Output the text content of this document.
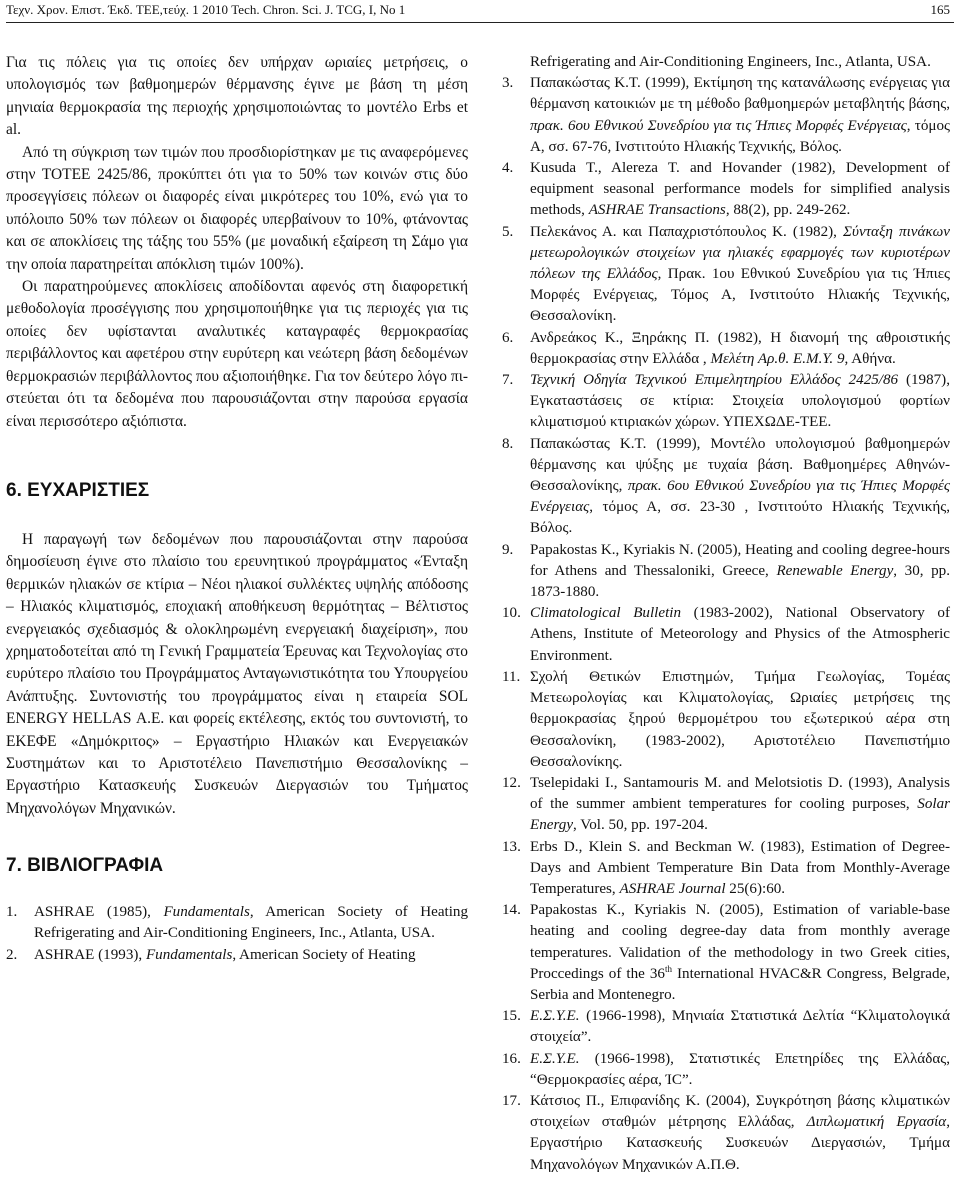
Τεχν. Χρον. Επιστ. Έκδ. ΤΕΕ,τεύχ. 1 2010 Tech. Chron. Sci. J. TCG, I, No 1	165

Για τις πόλεις για τις οποίες δεν υπήρχαν ωριαίες μετρήσεις, ο υπολογισμός των βαθμοημερών θέρμανσης έγινε με βάση τη μέση μηνιαία θερμοκρασία της περιοχής χρησιμοποιώντας το μοντέλο Erbs et al.

Από τη σύγκριση των τιμών που προσδιορίστηκαν με τις αναφερόμενες στην ΤΟΤΕΕ 2425/86, προκύπτει ότι για το 50% των κοινών στις δύο προσεγγίσεις πόλεων οι διαφορές είναι μικρότερες του 10%, ενώ για το υπόλοιπο 50% των πόλεων οι διαφορές υπερβαίνουν το 10%, φτάνοντας και σε αποκλίσεις της τάξης του 55% (με μοναδική εξαίρεση τη Σάμο για την οποία παρατηρείται απόκλιση τιμών 100%).

Οι παρατηρούμενες αποκλίσεις αποδίδονται αφενός στη διαφορετική μεθοδολογία προσέγγισης που χρησιμοποιήθηκε για τις περιοχές για τις οποίες δεν υφίστανται αναλυτικές καταγραφές θερμοκρασίας περιβάλλοντος και αφετέρου στην ευρύτερη και νεώτερη βάση δεδομένων θερμοκρασιών περιβάλλοντος που αξιοποιήθηκε. Για τον δεύτερο λόγο πιστεύεται ότι τα δεδομένα που παρουσιάζονται στην παρούσα εργασία είναι περισσότερο αξιόπιστα.

6. ΕΥΧΑΡΙΣΤΙΕΣ

Η παραγωγή των δεδομένων που παρουσιάζονται στην παρούσα δημοσίευση έγινε στο πλαίσιο του ερευνητικού προγράμματος «Ένταξη θερμικών ηλιακών σε κτίρια – Νέοι ηλιακοί συλλέκτες υψηλής απόδοσης – Ηλιακός κλιματισμός, εποχιακή αποθήκευση θερμότητας – Βέλτιστος ενεργειακός σχεδιασμός & ολοκληρωμένη ενεργειακή διαχείριση», που χρηματοδοτείται από τη Γενική Γραμματεία Έρευνας και Τεχνολογίας στο ευρύτερο πλαίσιο του Προγράμματος Ανταγωνιστικότητα του Υπουργείου Ανάπτυξης. Συντονιστής του προγράμματος είναι η εταιρεία SOL ENERGY HELLAS Α.Ε. και φορείς εκτέλεσης, εκτός του συντονιστή, το ΕΚΕΦΕ «Δημόκριτος» – Εργαστήριο Ηλιακών και Ενεργειακών Συστημάτων και το Αριστοτέλειο Πανεπιστήμιο Θεσσαλονίκης – Εργαστήριο Κατασκευής Συσκευών Διεργασιών του Τμήματος Μηχανολόγων Μηχανικών.

7. ΒΙΒΛΙΟΓΡΑΦΙΑ
1. ASHRAE (1985), Fundamentals, American Society of Heating Refrigerating and Air-Conditioning Engineers, Inc., Atlanta, USA.
2. ASHRAE (1993), Fundamentals, American Society of Heating
Refrigerating and Air-Conditioning Engineers, Inc., Atlanta, USA.
3. Παπακώστας Κ.Τ. (1999), Εκτίμηση της κατανάλωσης ενέργειας για θέρμανση κατοικιών με τη μέθοδο βαθμοημερών μεταβλητής βάσης, πρακ. 6ου Εθνικού Συνεδρίου για τις Ήπιες Μορφές Ενέργειας, τόμος Α, σσ. 67-76, Ινστιτούτο Ηλιακής Τεχνικής, Βόλος.
4. Kusuda T., Alereza T. and Hovander (1982), Development of equipment seasonal performance models for simplified analysis methods, ASHRAE Transactions, 88(2), pp. 249-262.
5. Πελεκάνος Α. και Παπαχριστόπουλος Κ. (1982), Σύνταξη πινάκων μετεωρολογικών στοιχείων για ηλιακές εφαρμογές των κυριοτέρων πόλεων της Ελλάδος, Πρακ. 1ου Εθνικού Συνεδρίου για τις Ήπιες Μορφές Ενέργειας, Τόμος Α, Ινστιτούτο Ηλιακής Τεχνικής, Θεσσαλονίκη.
6. Ανδρεάκος Κ., Ξηράκης Π. (1982), Η διανομή της αθροιστικής θερμοκρασίας στην Ελλάδα , Μελέτη Αρ.θ. Ε.Μ.Υ. 9, Αθήνα.
7. Τεχνική Οδηγία Τεχνικού Επιμελητηρίου Ελλάδος 2425/86 (1987), Εγκαταστάσεις σε κτίρια: Στοιχεία υπολογισμού φορτίων κλιματισμού κτιριακών χώρων. ΥΠΕΧΩΔΕ-ΤΕΕ.
8. Παπακώστας Κ.Τ. (1999), Μοντέλο υπολογισμού βαθμοημερών θέρμανσης και ψύξης με τυχαία βάση. Βαθμοημέρες Αθηνών-Θεσσαλονίκης, πρακ. 6ου Εθνικού Συνεδρίου για τις Ήπιες Μορφές Ενέργειας, τόμος Α, σσ. 23-30 , Ινστιτούτο Ηλιακής Τεχνικής, Βόλος.
9. Papakostas K., Kyriakis N. (2005), Heating and cooling degree-hours for Athens and Thessaloniki, Greece, Renewable Energy, 30, pp. 1873-1880.
10. Climatological Bulletin (1983-2002), National Observatory of Athens, Institute of Meteorology and Physics of the Atmospheric Environment.
11. Σχολή Θετικών Επιστημών, Τμήμα Γεωλογίας, Τομέας Μετεωρολογίας και Κλιματολογίας, Ωριαίες μετρήσεις της θερμοκρασίας ξηρού θερμομέτρου του εξωτερικού αέρα στη Θεσσαλονίκη, (1983-2002), Αριστοτέλειο Πανεπιστήμιο Θεσσαλονίκης.
12. Tselepidaki I., Santamouris M. and Melotsiotis D. (1993), Analysis of the summer ambient temperatures for cooling purposes, Solar Energy, Vol. 50, pp. 197-204.
13. Erbs D., Klein S. and Beckman W. (1983), Estimation of Degree-Days and Ambient Temperature Bin Data from Monthly-Average Temperatures, ASHRAE Journal 25(6):60.
14. Papakostas K., Kyriakis N. (2005), Estimation of variable-base heating and cooling degree-day data from monthly average temperatures. Validation of the methodology in two Greek cities, Proccedings of the 36th International HVAC&R Congress, Belgrade, Serbia and Montenegro.
15. Ε.Σ.Υ.Ε. (1966-1998), Μηνιαία Στατιστικά Δελτία “Κλιματολογικά στοιχεία”.
16. Ε.Σ.Υ.Ε. (1966-1998), Στατιστικές Επετηρίδες της Ελλάδας, “Θερμοκρασίες αέρα, ΊC”.
17. Κάτσιος Π., Επιφανίδης Κ. (2004), Συγκρότηση βάσης κλιματικών στοιχείων σταθμών μέτρησης Ελλάδας, Διπλωματική Εργασία, Εργαστήριο Κατασκευής Συσκευών Διεργασιών, Τμήμα Μηχανολόγων Μηχανικών Α.Π.Θ.
